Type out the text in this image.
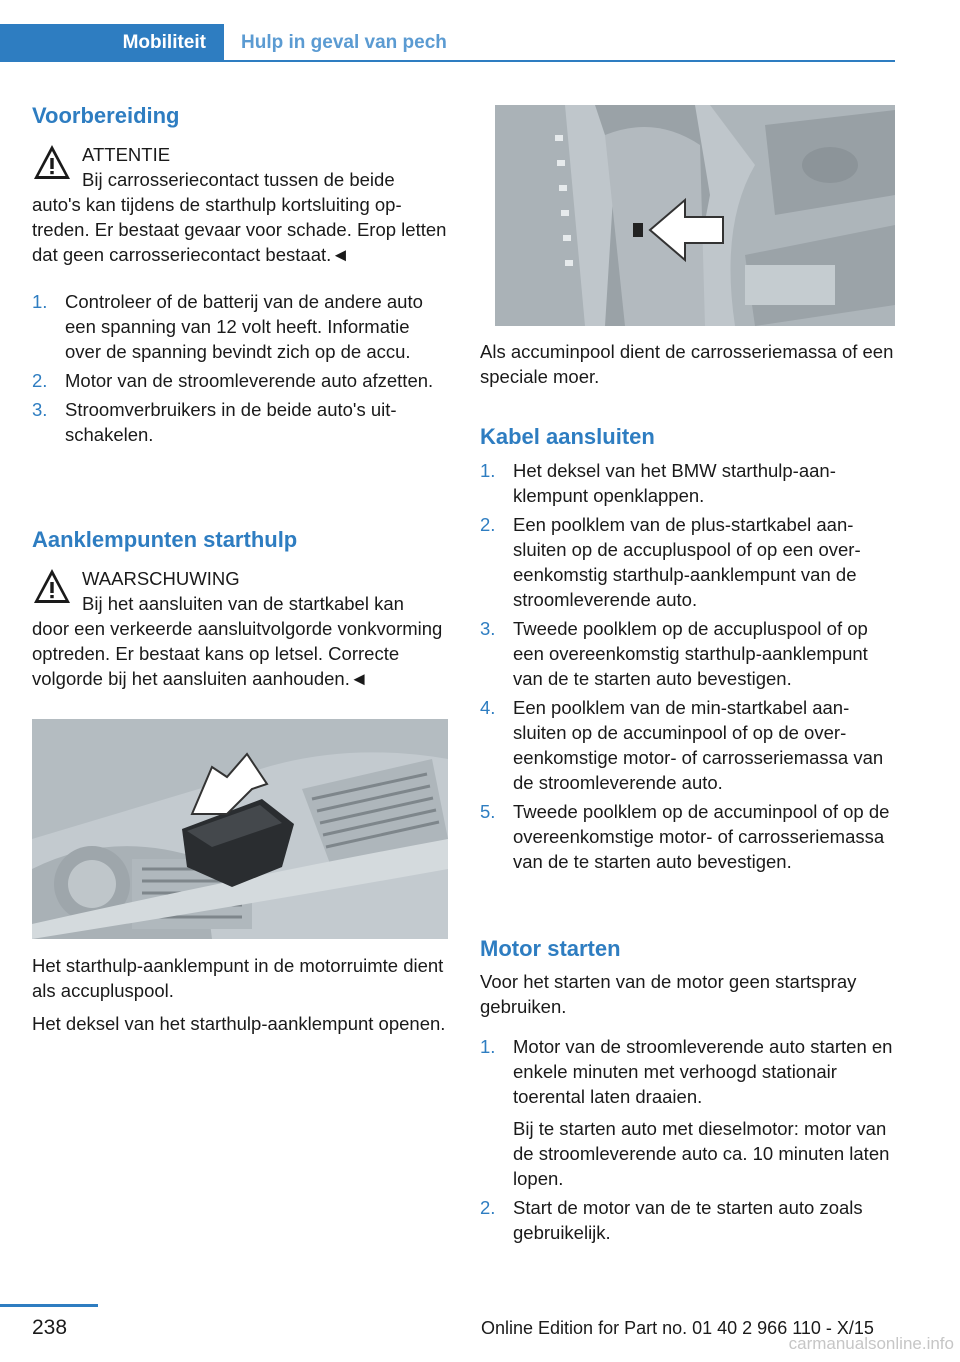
Mobiliteit Hulp in geval van pech
Voorbereiding
ATTENTIE
Bij carrosseriecontact tussen de beide
auto's kan tijdens de starthulp kortsluiting optreden. Er bestaat gevaar voor schade. Erop letten dat geen carrosseriecontact bestaat.◄
1. Controleer of de batterij van de andere auto een spanning van 12 volt heeft. Informatie over de spanning bevindt zich op de accu.
2. Motor van de stroomleverende auto afzetten.
3. Stroomverbruikers in de beide auto's uitschakelen.
Aanklempunten starthulp
WAARSCHUWING
Bij het aansluiten van de startkabel kan
door een verkeerde aansluitvolgorde vonkvorming optreden. Er bestaat kans op letsel. Correcte volgorde bij het aansluiten aanhouden.◄

Het starthulp-aanklempunt in de motorruimte dient als accupluspool.

Het deksel van het starthulp-aanklempunt openen.

Als accuminpool dient de carrosseriemassa of een speciale moer.

Kabel aansluiten
1. Het deksel van het BMW starthulp-aanklempunt openklappen.
2. Een poolklem van de plus-startkabel aansluiten op de accupluspool of op een overeenkomstig starthulp-aanklempunt van de stroomleverende auto.
3. Tweede poolklem op de accupluspool of op een overeenkomstig starthulp-aanklempunt van de te starten auto bevestigen.
4. Een poolklem van de min-startkabel aansluiten op de accuminpool of op de overeenkomstige motor- of carrosseriemassa van de stroomleverende auto.
5. Tweede poolklem op de accuminpool of op de overeenkomstige motor- of carrosseriemassa van de te starten auto bevestigen.
Motor starten

Voor het starten van de motor geen startspray gebruiken.

1. Motor van de stroomleverende auto starten en enkele minuten met verhoogd stationair toerental laten draaien.
Bij te starten auto met dieselmotor: motor van de stroomleverende auto ca. 10 minuten laten lopen.
2. Start de motor van de te starten auto zoals gebruikelijk.
238	Online Edition for Part no. 01 40 2 966 110 - X/15
carmanualsonline.info
